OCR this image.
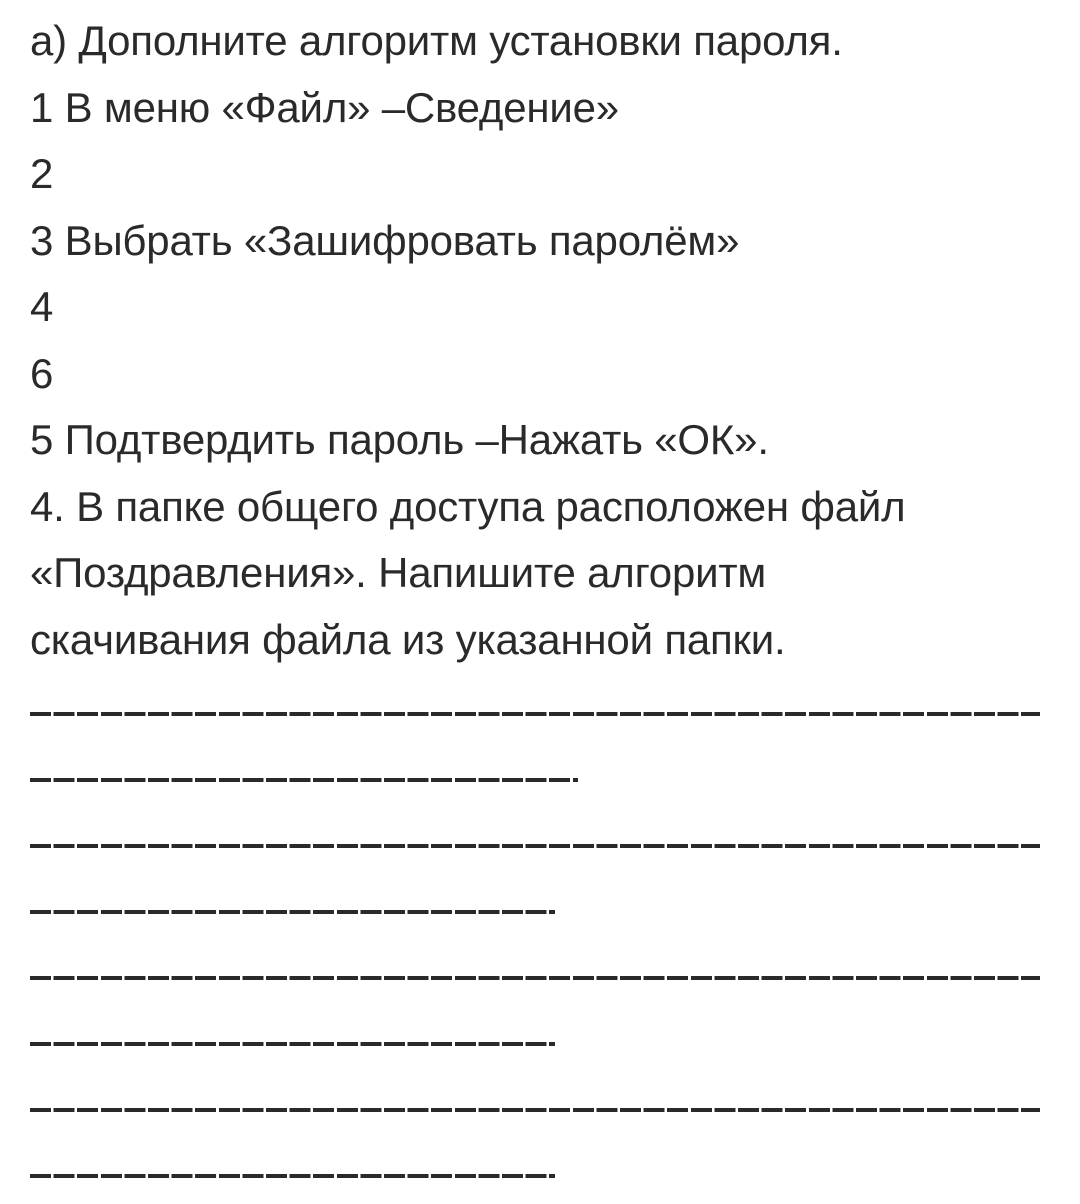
а) Дополните алгоритм установки пароля.
1 В меню «Файл» –Сведение»
2
3 Выбрать «Зашифровать паролём»
4
6
5 Подтвердить пароль –Нажать «ОК».
4. В папке общего доступа расположен файл
«Поздравления». Напишите алгоритм
скачивания файла из указанной папки.
